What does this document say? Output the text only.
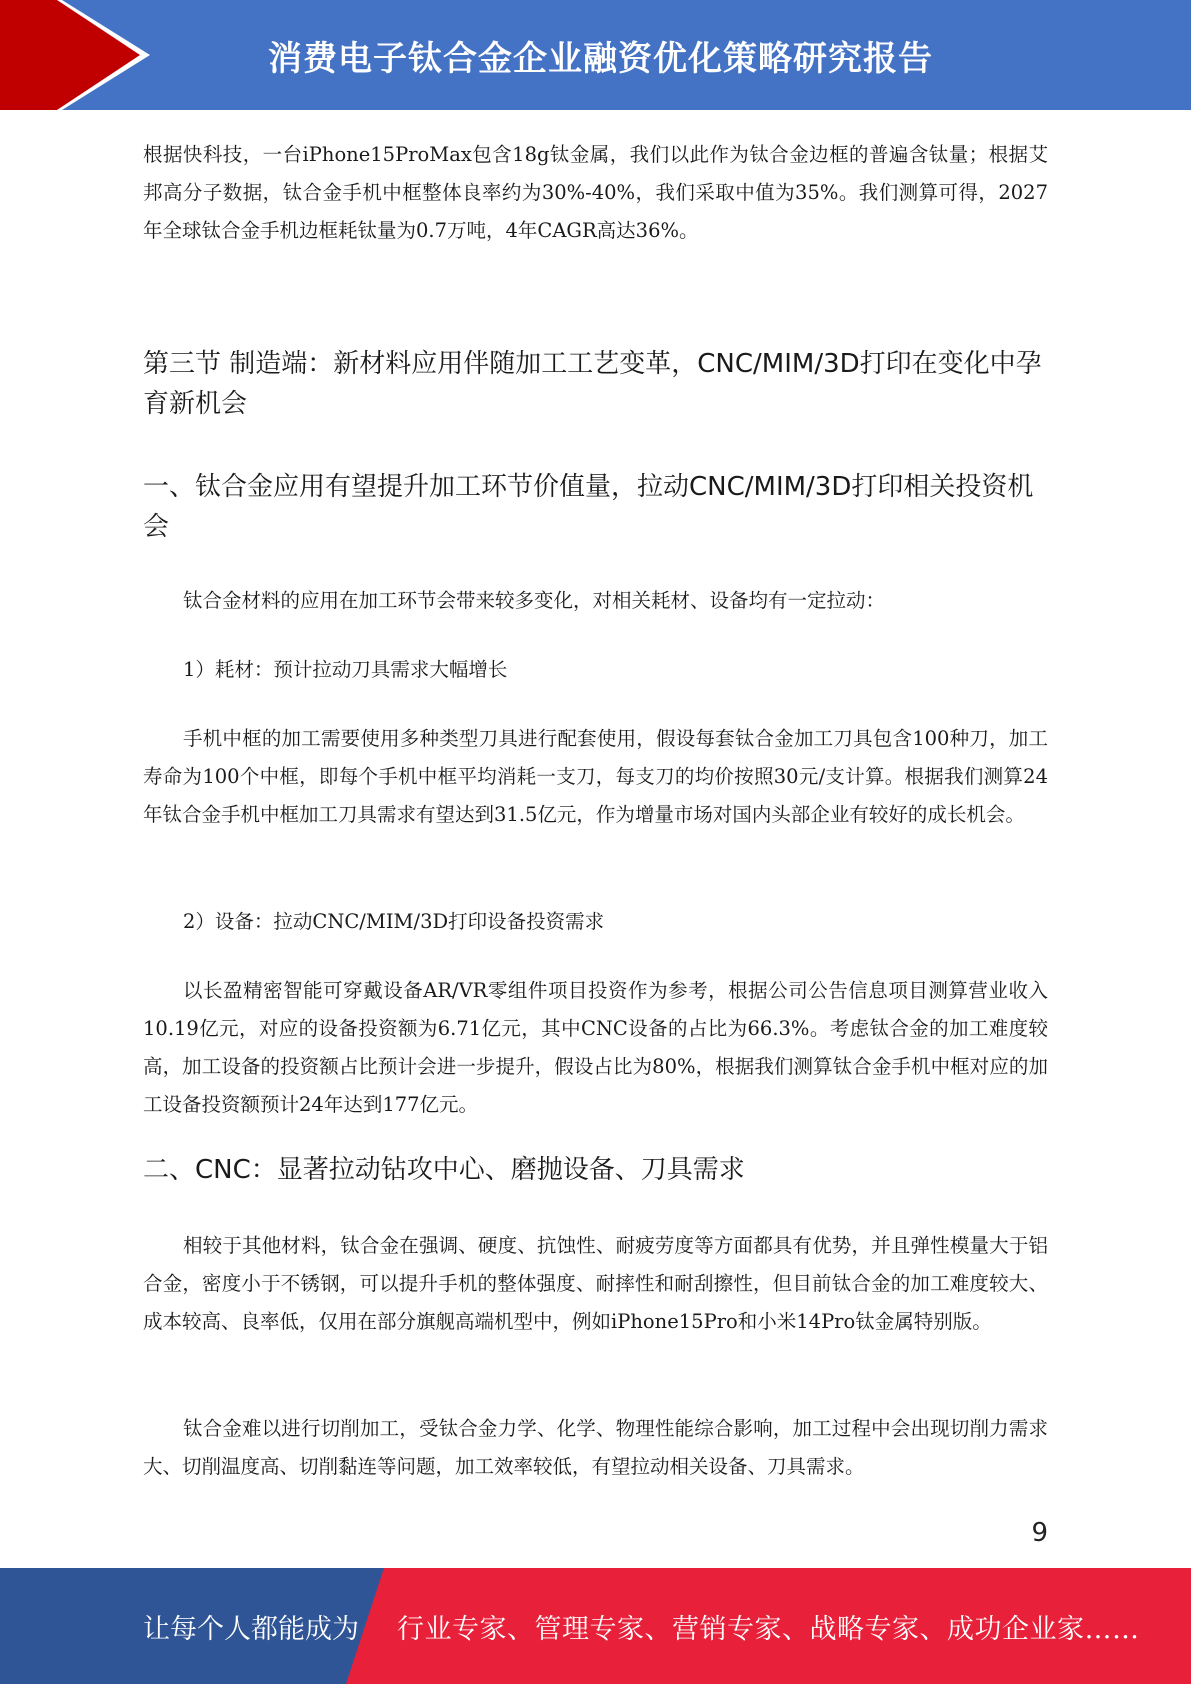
消费电子钛合金企业融资优化策略研究报告

根据快科技，一台iPhone15ProMax包含18g钛金属，我们以此作为钛合金边框的普遍含钛量；根据艾邦高分子数据，钛合金手机中框整体良率约为30%-40%，我们采取中值为35%。我们测算可得，2027年全球钛合金手机边框耗钛量为0.7万吨，4年CAGR高达36%。

第三节 制造端：新材料应用伴随加工工艺变革，CNC/MIM/3D打印在变化中孕育新机会
一、钛合金应用有望提升加工环节价值量，拉动CNC/MIM/3D打印相关投资机会

钛合金材料的应用在加工环节会带来较多变化，对相关耗材、设备均有一定拉动：

1）耗材：预计拉动刀具需求大幅增长

手机中框的加工需要使用多种类型刀具进行配套使用，假设每套钛合金加工刀具包含100种刀，加工寿命为100个中框，即每个手机中框平均消耗一支刀，每支刀的均价按照30元/支计算。根据我们测算24年钛合金手机中框加工刀具需求有望达到31.5亿元，作为增量市场对国内头部企业有较好的成长机会。

2）设备：拉动CNC/MIM/3D打印设备投资需求

以长盈精密智能可穿戴设备AR/VR零组件项目投资作为参考，根据公司公告信息项目测算营业收入10.19亿元，对应的设备投资额为6.71亿元，其中CNC设备的占比为66.3%。考虑钛合金的加工难度较高，加工设备的投资额占比预计会进一步提升，假设占比为80%，根据我们测算钛合金手机中框对应的加工设备投资额预计24年达到177亿元。

二、CNC：显著拉动钻攻中心、磨抛设备、刀具需求

相较于其他材料，钛合金在强调、硬度、抗蚀性、耐疲劳度等方面都具有优势，并且弹性模量大于铝合金，密度小于不锈钢，可以提升手机的整体强度、耐摔性和耐刮擦性，但目前钛合金的加工难度较大、成本较高、良率低，仅用在部分旗舰高端机型中，例如iPhone15Pro和小米14Pro钛金属特别版。

钛合金难以进行切削加工，受钛合金力学、化学、物理性能综合影响，加工过程中会出现切削力需求大、切削温度高、切削黏连等问题，加工效率较低，有望拉动相关设备、刀具需求。

9
让每个人都能成为 行业专家、管理专家、营销专家、战略专家、成功企业家……
